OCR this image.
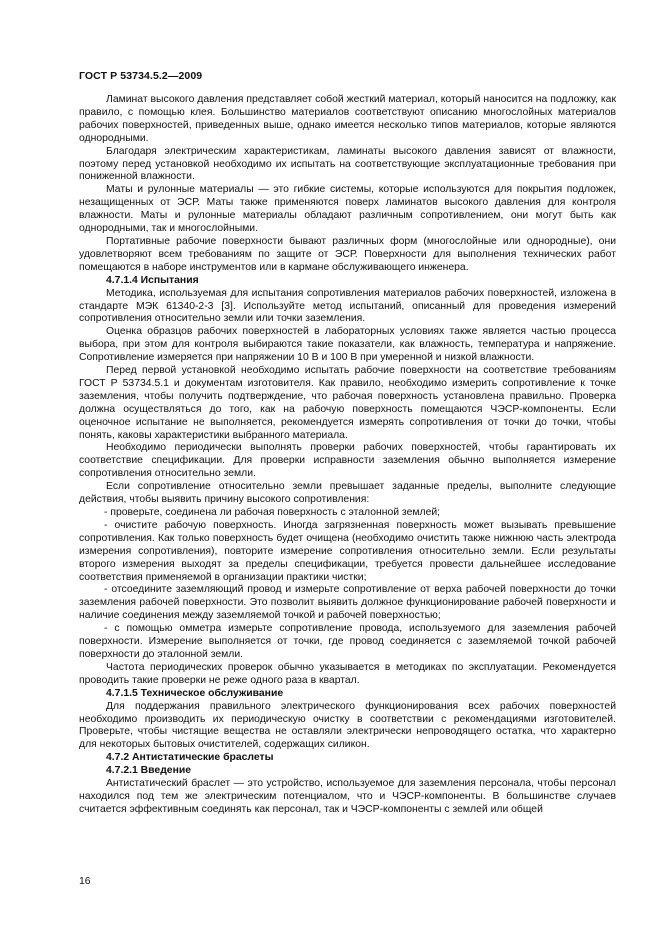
ГОСТ Р 53734.5.2—2009

Ламинат высокого давления представляет собой жесткий материал, который наносится на подложку, как правило, с помощью клея. Большинство материалов соответствуют описанию многослойных материалов рабочих поверхностей, приведенных выше, однако имеется несколько типов материалов, которые являются однородными.

Благодаря электрическим характеристикам, ламинаты высокого давления зависят от влажности, поэтому перед установкой необходимо их испытать на соответствующие эксплуатационные требования при пониженной влажности.

Маты и рулонные материалы — это гибкие системы, которые используются для покрытия подложек, незащищенных от ЭСР. Маты также применяются поверх ламинатов высокого давления для контроля влажности. Маты и рулонные материалы обладают различным сопротивлением, они могут быть как однородными, так и многослойными.

Портативные рабочие поверхности бывают различных форм (многослойные или однородные), они удовлетворяют всем требованиям по защите от ЭСР. Поверхности для выполнения технических работ помещаются в наборе инструментов или в кармане обслуживающего инженера.

4.7.1.4 Испытания

Методика, используемая для испытания сопротивления материалов рабочих поверхностей, изложена в стандарте МЭК 61340-2-3 [3]. Используйте метод испытаний, описанный для проведения измерений сопротивления относительно земли или точки заземления.

Оценка образцов рабочих поверхностей в лабораторных условиях также является частью процесса выбора, при этом для контроля выбираются такие показатели, как влажность, температура и напряжение. Сопротивление измеряется при напряжении 10 В и 100 В при умеренной и низкой влажности.

Перед первой установкой необходимо испытать рабочие поверхности на соответствие требованиям ГОСТ Р 53734.5.1 и документам изготовителя. Как правило, необходимо измерить сопротивление к точке заземления, чтобы получить подтверждение, что рабочая поверхность установлена правильно. Проверка должна осуществляться до того, как на рабочую поверхность помещаются ЧЭСР-компоненты. Если оценочное испытание не выполняется, рекомендуется измерять сопротивления от точки до точки, чтобы понять, каковы характеристики выбранного материала.

Необходимо периодически выполнять проверки рабочих поверхностей, чтобы гарантировать их соответствие спецификации. Для проверки исправности заземления обычно выполняется измерение сопротивления относительно земли.

Если сопротивление относительно земли превышает заданные пределы, выполните следующие действия, чтобы выявить причину высокого сопротивления:

- проверьте, соединена ли рабочая поверхность с эталонной землей;

- очистите рабочую поверхность. Иногда загрязненная поверхность может вызывать превышение сопротивления. Как только поверхность будет очищена (необходимо очистить также нижнюю часть электрода измерения сопротивления), повторите измерение сопротивления относительно земли. Если результаты второго измерения выходят за пределы спецификации, требуется провести дальнейшее исследование соответствия применяемой в организации практики чистки;

- отсоедините заземляющий провод и измерьте сопротивление от верха рабочей поверхности до точки заземления рабочей поверхности. Это позволит выявить должное функционирование рабочей поверхности и наличие соединения между заземляемой точкой и рабочей поверхностью;

- с помощью омметра измерьте сопротивление провода, используемого для заземления рабочей поверхности. Измерение выполняется от точки, где провод соединяется с заземляемой точкой рабочей поверхности до эталонной земли.

Частота периодических проверок обычно указывается в методиках по эксплуатации. Рекомендуется проводить такие проверки не реже одного раза в квартал.

4.7.1.5 Техническое обслуживание

Для поддержания правильного электрического функционирования всех рабочих поверхностей необходимо производить их периодическую очистку в соответствии с рекомендациями изготовителей. Проверьте, чтобы чистящие вещества не оставляли электрически непроводящего остатка, что характерно для некоторых бытовых очистителей, содержащих силикон.

4.7.2 Антистатические браслеты
4.7.2.1 Введение

Антистатический браслет — это устройство, используемое для заземления персонала, чтобы персонал находился под тем же электрическим потенциалом, что и ЧЭСР-компоненты. В большинстве случаев считается эффективным соединять как персонал, так и ЧЭСР-компоненты с землей или общей

16
